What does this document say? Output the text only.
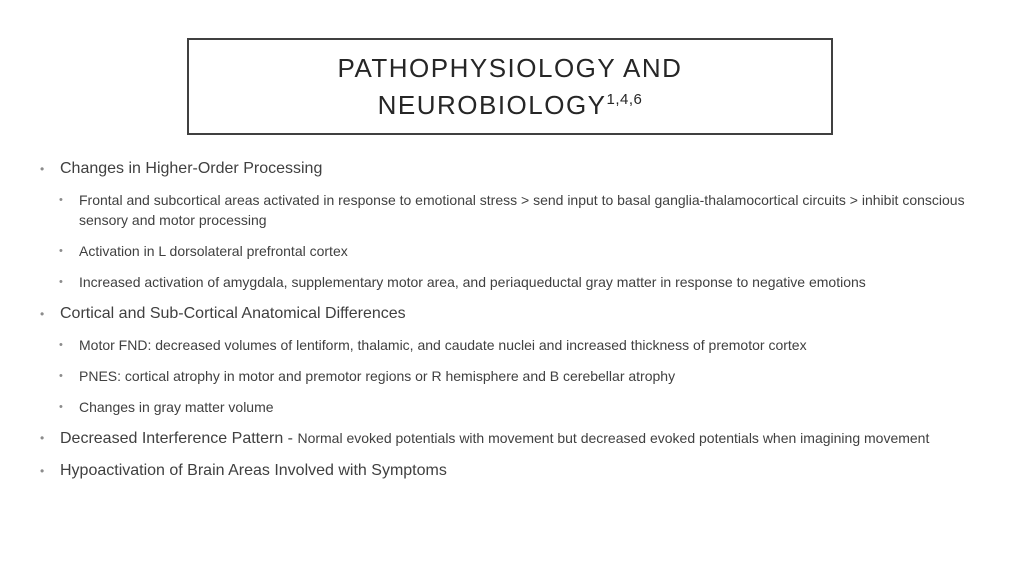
PATHOPHYSIOLOGY AND
NEUROBIOLOGY$^{1,4,6}$

• Changes in Higher-Order Processing

• Frontal and subcortical areas activated in response to emotional stress > send input to basal ganglia-thalamocortical circuits > inhibit conscious sensory and motor processing

• Activation in L dorsolateral prefrontal cortex

• Increased activation of amygdala, supplementary motor area, and periaqueductal gray matter in response to negative emotions

• Cortical and Sub-Cortical Anatomical Differences

• Motor FND: decreased volumes of lentiform, thalamic, and caudate nuclei and increased thickness of premotor cortex

• PNES: cortical atrophy in motor and premotor regions or R hemisphere and B cerebellar atrophy

• Changes in gray matter volume

• Decreased Interference Pattern - Normal evoked potentials with movement but decreased evoked potentials when imagining movement

• Hypoactivation of Brain Areas Involved with Symptoms
